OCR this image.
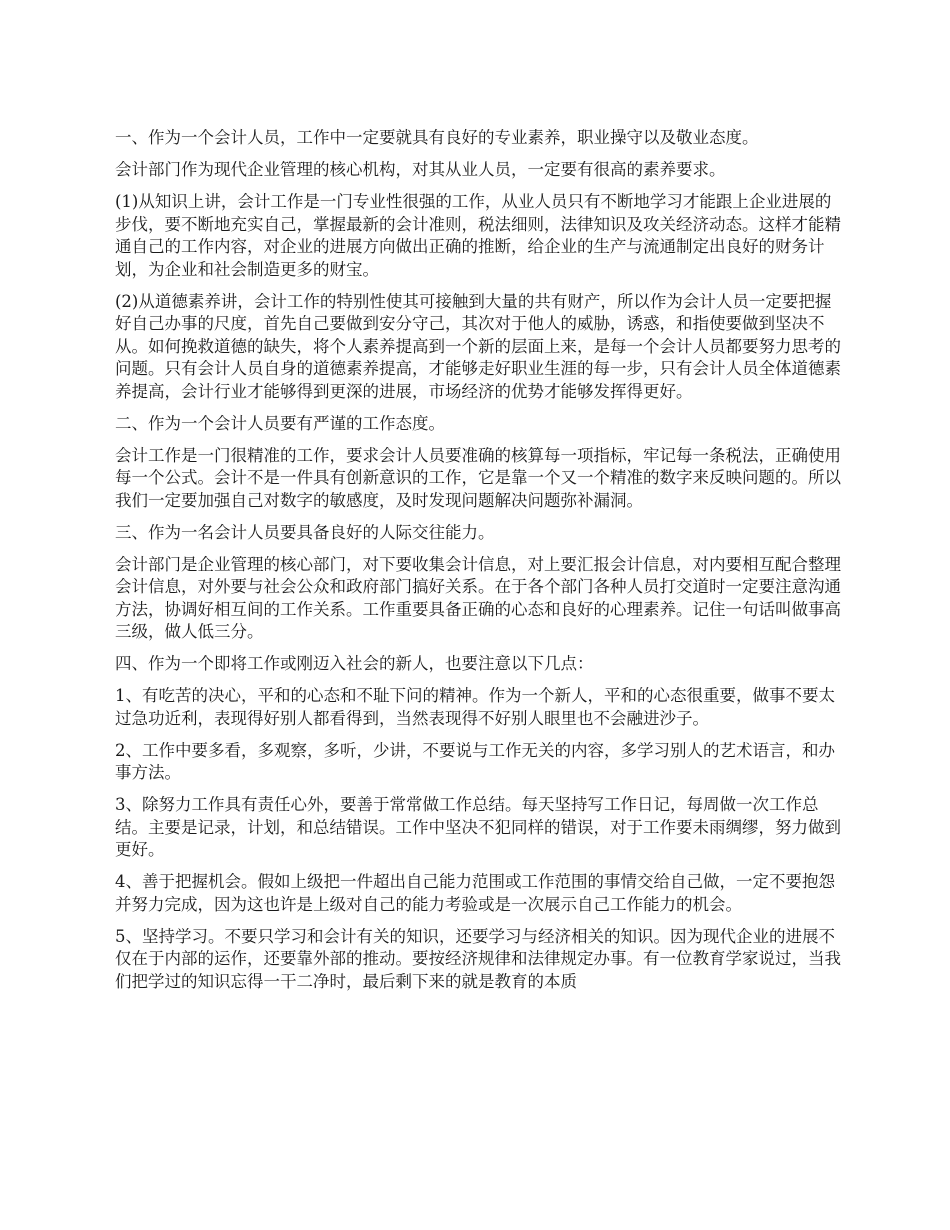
一、作为一个会计人员，工作中一定要就具有良好的专业素养，职业操守以及敬业态度。

会计部门作为现代企业管理的核心机构，对其从业人员，一定要有很高的素养要求。

(1)从知识上讲，会计工作是一门专业性很强的工作，从业人员只有不断地学习才能跟上企业进展的步伐，要不断地充实自己，掌握最新的会计准则，税法细则，法律知识及攻关经济动态。这样才能精通自己的工作内容，对企业的进展方向做出正确的推断，给企业的生产与流通制定出良好的财务计划，为企业和社会制造更多的财宝。

(2)从道德素养讲，会计工作的特别性使其可接触到大量的共有财产，所以作为会计人员一定要把握好自己办事的尺度，首先自己要做到安分守己，其次对于他人的威胁，诱惑，和指使要做到坚决不从。如何挽救道德的缺失，将个人素养提高到一个新的层面上来，是每一个会计人员都要努力思考的问题。只有会计人员自身的道德素养提高，才能够走好职业生涯的每一步，只有会计人员全体道德素养提高，会计行业才能够得到更深的进展，市场经济的优势才能够发挥得更好。

二、作为一个会计人员要有严谨的工作态度。

会计工作是一门很精准的工作，要求会计人员要准确的核算每一项指标，牢记每一条税法，正确使用每一个公式。会计不是一件具有创新意识的工作，它是靠一个又一个精准的数字来反映问题的。所以我们一定要加强自己对数字的敏感度，及时发现问题解决问题弥补漏洞。

三、作为一名会计人员要具备良好的人际交往能力。

会计部门是企业管理的核心部门，对下要收集会计信息，对上要汇报会计信息，对内要相互配合整理会计信息，对外要与社会公众和政府部门搞好关系。在于各个部门各种人员打交道时一定要注意沟通方法，协调好相互间的工作关系。工作重要具备正确的心态和良好的心理素养。记住一句话叫做事高三级，做人低三分。

四、作为一个即将工作或刚迈入社会的新人，也要注意以下几点：

1、有吃苦的决心，平和的心态和不耻下问的精神。作为一个新人，平和的心态很重要，做事不要太过急功近利，表现得好别人都看得到，当然表现得不好别人眼里也不会融进沙子。

2、工作中要多看，多观察，多听，少讲，不要说与工作无关的内容，多学习别人的艺术语言，和办事方法。

3、除努力工作具有责任心外，要善于常常做工作总结。每天坚持写工作日记，每周做一次工作总结。主要是记录，计划，和总结错误。工作中坚决不犯同样的错误，对于工作要未雨绸缪，努力做到更好。

4、善于把握机会。假如上级把一件超出自己能力范围或工作范围的事情交给自己做，一定不要抱怨并努力完成，因为这也许是上级对自己的能力考验或是一次展示自己工作能力的机会。

5、坚持学习。不要只学习和会计有关的知识，还要学习与经济相关的知识。因为现代企业的进展不仅在于内部的运作，还要靠外部的推动。要按经济规律和法律规定办事。有一位教育学家说过，当我们把学过的知识忘得一干二净时，最后剩下来的就是教育的本质
